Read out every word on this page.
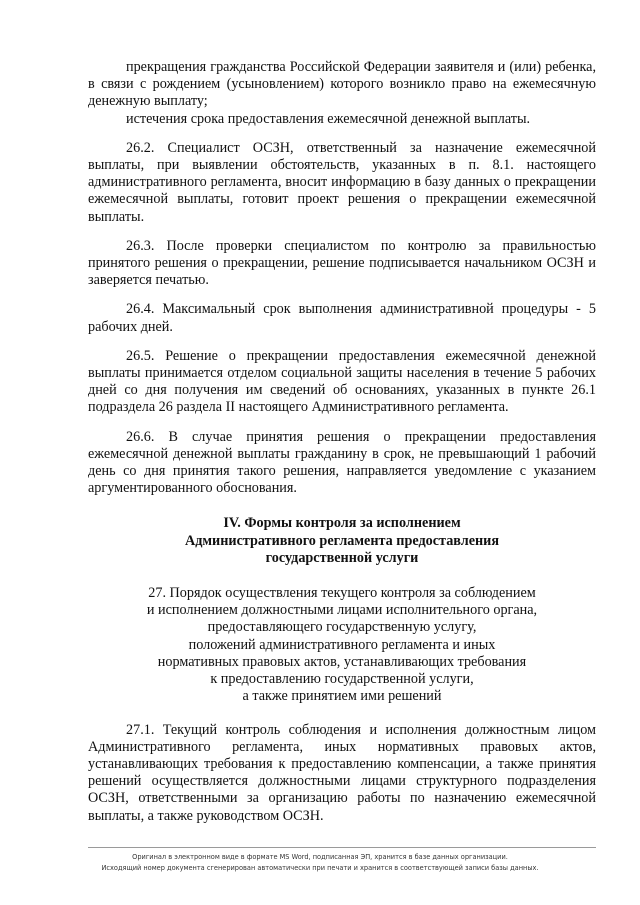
прекращения гражданства Российской Федерации заявителя и (или) ребенка, в связи с рождением (усыновлением) которого возникло право на ежемесячную денежную выплату;

истечения срока предоставления ежемесячной денежной выплаты.

26.2. Специалист ОСЗН, ответственный за назначение ежемесячной выплаты, при выявлении обстоятельств, указанных в п. 8.1. настоящего административного регламента, вносит информацию в базу данных о прекращении ежемесячной выплаты, готовит проект решения о прекращении ежемесячной выплаты.

26.3. После проверки специалистом по контролю за правильностью принятого решения о прекращении, решение подписывается начальником ОСЗН и заверяется печатью.

26.4. Максимальный срок выполнения административной процедуры - 5 рабочих дней.

26.5. Решение о прекращении предоставления ежемесячной денежной выплаты принимается отделом социальной защиты населения в течение 5 рабочих дней со дня получения им сведений об основаниях, указанных в пункте 26.1 подраздела 26 раздела II настоящего Административного регламента.

26.6. В случае принятия решения о прекращении предоставления ежемесячной денежной выплаты гражданину в срок, не превышающий 1 рабочий день со дня принятия такого решения, направляется уведомление с указанием аргументированного обоснования.

IV. Формы контроля за исполнением
Административного регламента предоставления
государственной услуги

27. Порядок осуществления текущего контроля за соблюдением
и исполнением должностными лицами исполнительного органа,
предоставляющего государственную услугу,
положений административного регламента и иных
нормативных правовых актов, устанавливающих требования
к предоставлению государственной услуги,
а также принятием ими решений

27.1. Текущий контроль соблюдения и исполнения должностным лицом Административного регламента, иных нормативных правовых актов, устанавливающих требования к предоставлению компенсации, а также принятия решений осуществляется должностными лицами структурного подразделения ОСЗН, ответственными за организацию работы по назначению ежемесячной выплаты, а также руководством ОСЗН.

Оригинал в электронном виде в формате MS Word, подписанная ЭП, хранится в базе данных организации.
Исходящий номер документа сгенерирован автоматически при печати и хранится в соответствующей записи базы данных.
